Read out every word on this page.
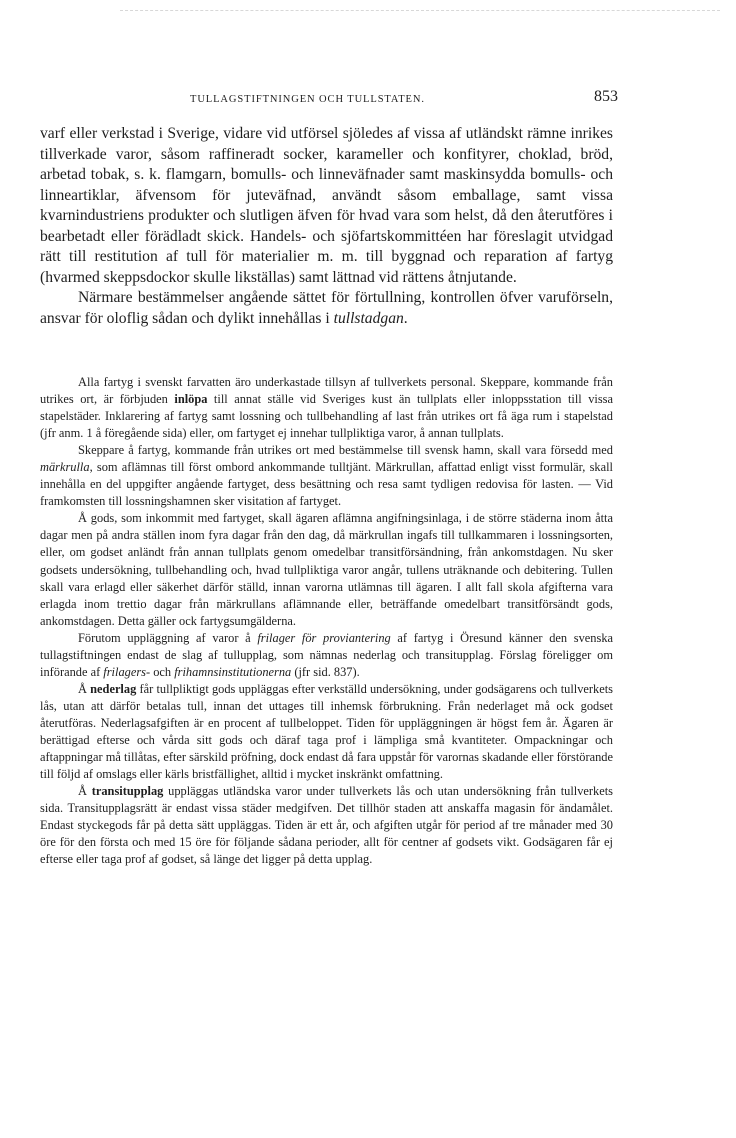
TULLAGSTIFTNINGEN OCH TULLSTATEN.	853

varf eller verkstad i Sverige, vidare vid utförsel sjöledes af vissa af utländskt rämne inrikes tillverkade varor, såsom raffineradt socker, karameller och konfityrer, choklad, bröd, arbetad tobak, s. k. flamgarn, bomulls- och linneväfnader samt maskinsydda bomulls- och linneartiklar, äfvensom för juteväfnad, användt såsom emballage, samt vissa kvarnindustriens produkter och slutligen äfven för hvad vara som helst, då den återutföres i bearbetadt eller förädladt skick. Handels- och sjöfartskommittéen har föreslagit utvidgad rätt till restitution af tull för materialier m. m. till byggnad och reparation af fartyg (hvarmed skeppsdockor skulle likställas) samt lättnad vid rättens åtnjutande.

Närmare bestämmelser angående sättet för förtullning, kontrollen öfver varuförseln, ansvar för oloflig sådan och dylikt innehållas i tullstadgan.

Alla fartyg i svenskt farvatten äro underkastade tillsyn af tullverkets personal. Skeppare, kommande från utrikes ort, är förbjuden inlöpa till annat ställe vid Sveriges kust än tullplats eller inloppsstation till vissa stapelstäder. Inklarering af fartyg samt lossning och tullbehandling af last från utrikes ort få äga rum i stapelstad (jfr anm. 1 å föregående sida) eller, om fartyget ej innehar tullpliktiga varor, å annan tullplats.

Skeppare å fartyg, kommande från utrikes ort med bestämmelse till svensk hamn, skall vara försedd med märkrulla, som aflämnas till först ombord ankommande tulltjänt. Märkrullan, affattad enligt visst formulär, skall innehålla en del uppgifter angående fartyget, dess besättning och resa samt tydligen redovisa för lasten. — Vid framkomsten till lossningshamnen sker visitation af fartyget.

Å gods, som inkommit med fartyget, skall ägaren aflämna angifningsinlaga, i de större städerna inom åtta dagar men på andra ställen inom fyra dagar från den dag, då märkrullan ingafs till tullkammaren i lossningsorten, eller, om godset anländt från annan tullplats genom omedelbar transitförsändning, från ankomstdagen. Nu sker godsets undersökning, tullbehandling och, hvad tullpliktiga varor angår, tullens uträknande och debitering. Tullen skall vara erlagd eller säkerhet därför ställd, innan varorna utlämnas till ägaren. I allt fall skola afgifterna vara erlagda inom trettio dagar från märkrullans aflämnande eller, beträffande omedelbart transitförsändt gods, ankomstdagen. Detta gäller ock fartygsumgälderna.

Förutom uppläggning af varor å frilager för proviantering af fartyg i Öresund känner den svenska tullagstiftningen endast de slag af tullupplag, som nämnas nederlag och transitupplag. Förslag föreligger om införande af frilagers- och frihamnsinstitutionerna (jfr sid. 837).

Å nederlag får tullpliktigt gods uppläggas efter verkställd undersökning, under godsägarens och tullverkets lås, utan att därför betalas tull, innan det uttages till inhemsk förbrukning. Från nederlaget må ock godset återutföras. Nederlagsafgiften är en procent af tullbeloppet. Tiden för uppläggningen är högst fem år. Ägaren är berättigad efterse och vårda sitt gods och däraf taga prof i lämpliga små kvantiteter. Ompackningar och aftappningar må tillåtas, efter särskild pröfning, dock endast då fara uppstår för varornas skadande eller förstörande till följd af omslags eller kärls bristfällighet, alltid i mycket inskränkt omfattning.

Å transitupplag uppläggas utländska varor under tullverkets lås och utan undersökning från tullverkets sida. Transitupplagsrätt är endast vissa städer medgifven. Det tillhör staden att anskaffa magasin för ändamålet. Endast styckegods får på detta sätt uppläggas. Tiden är ett år, och afgiften utgår för period af tre månader med 30 öre för den första och med 15 öre för följande sådana perioder, allt för centner af godsets vikt. Godsägaren får ej efterse eller taga prof af godset, så länge det ligger på detta upplag.
